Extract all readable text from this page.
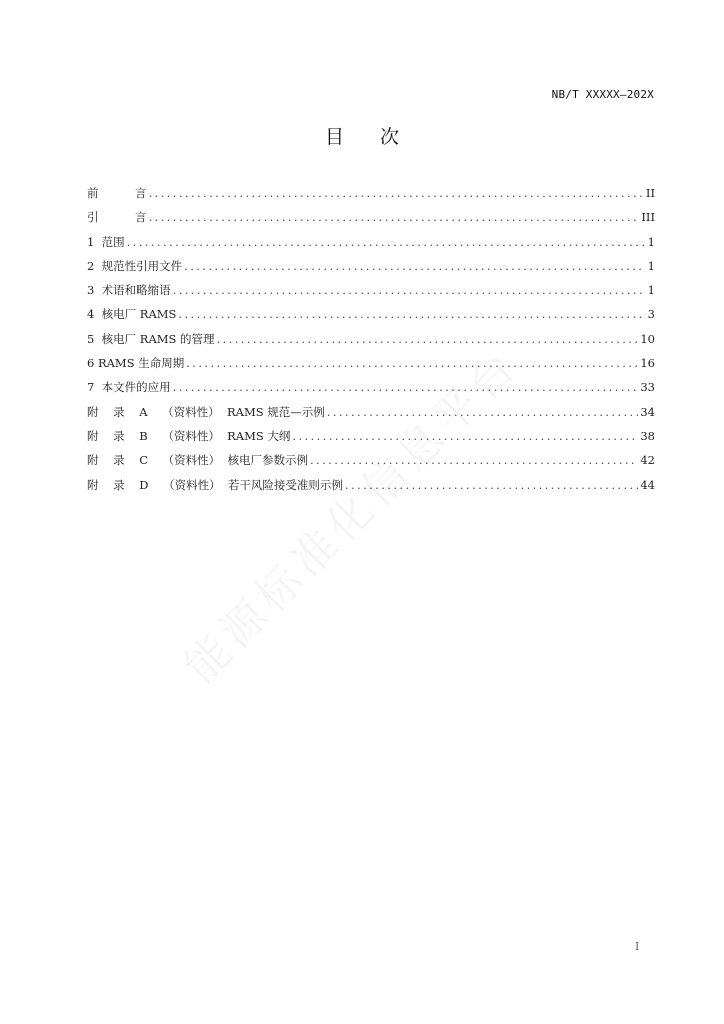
NB/T XXXXX—202X
目次
前          言 .....	II
引          言 .....	III
1  范围 .....	1
2  规范性引用文件 .....	1
3  术语和略缩语 .....	1
4  核电厂 RAMS .....	3
5  核电厂 RAMS 的管理 .....	10
6 RAMS 生命周期 .....	16
7  本文件的应用 .....	33
附    录    A    （资料性）  RAMS 规范—示例 .....	34
附    录    B    （资料性）  RAMS 大纲 .....	38
附    录    C    （资料性）  核电厂参数示例 .....	42
附    录    D    （资料性）  若干风险接受准则示例 .....	44
I
